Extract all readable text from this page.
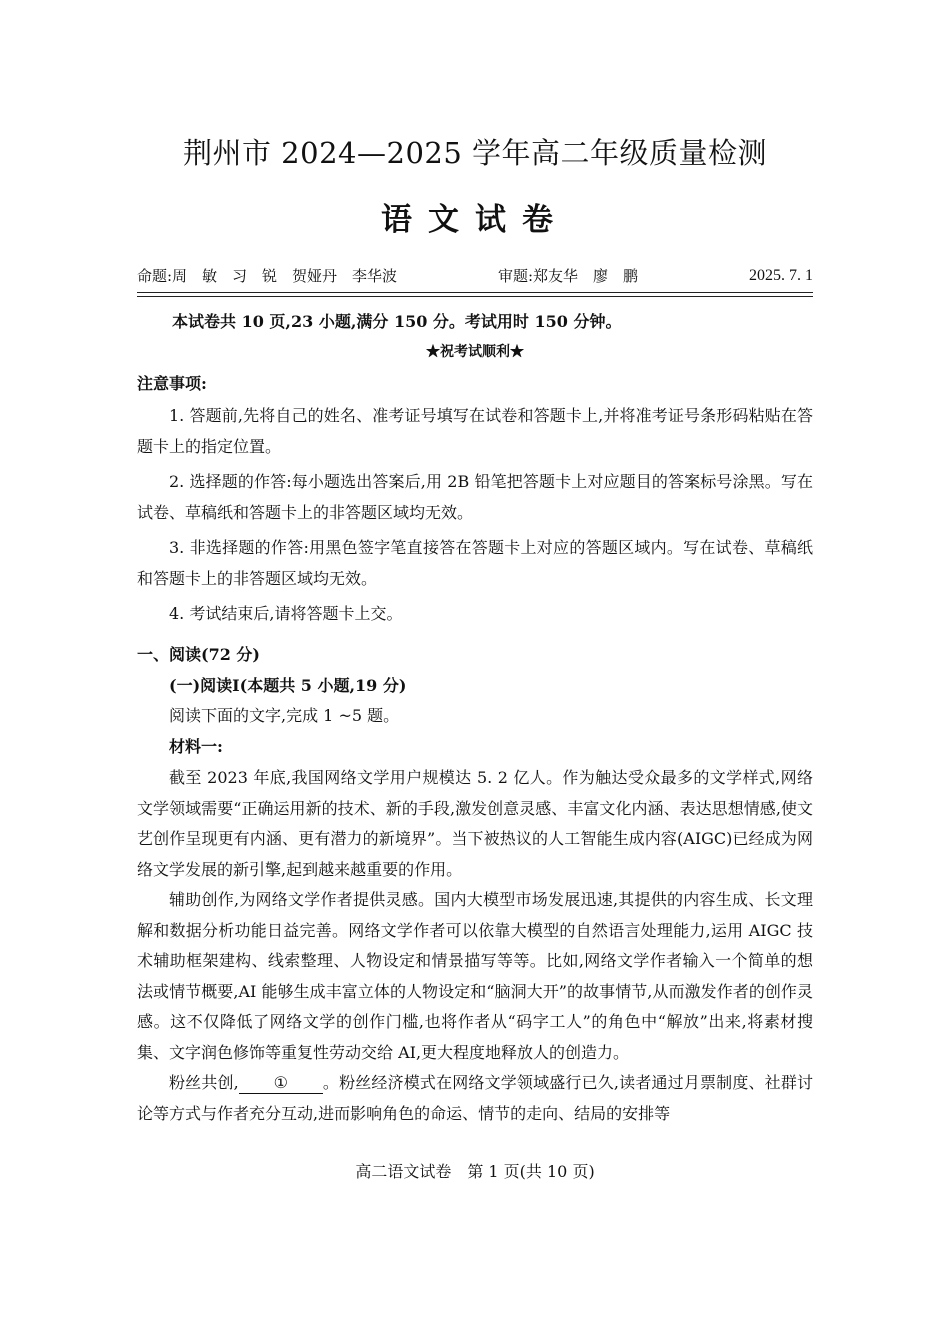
荆州市 2024—2025 学年高二年级质量检测
语文试卷
命题:周　敏　习　锐　贺娅丹　李华波	审题:郑友华　廖　鹏	2025. 7. 1
本试卷共 10 页,23 小题,满分 150 分。考试用时 150 分钟。
★祝考试顺利★
注意事项:

1. 答题前,先将自己的姓名、准考证号填写在试卷和答题卡上,并将准考证号条形码粘贴在答题卡上的指定位置。

2. 选择题的作答:每小题选出答案后,用 2B 铅笔把答题卡上对应题目的答案标号涂黑。写在试卷、草稿纸和答题卡上的非答题区域均无效。

3. 非选择题的作答:用黑色签字笔直接答在答题卡上对应的答题区域内。写在试卷、草稿纸和答题卡上的非答题区域均无效。

4. 考试结束后,请将答题卡上交。

一、阅读(72 分)

(一)阅读Ⅰ(本题共 5 小题,19 分)

阅读下面的文字,完成 1 ~5 题。

材料一:

截至 2023 年底,我国网络文学用户规模达 5. 2 亿人。作为触达受众最多的文学样式,网络文学领域需要“正确运用新的技术、新的手段,激发创意灵感、丰富文化内涵、表达思想情感,使文艺创作呈现更有内涵、更有潜力的新境界”。当下被热议的人工智能生成内容(AIGC)已经成为网络文学发展的新引擎,起到越来越重要的作用。

辅助创作,为网络文学作者提供灵感。国内大模型市场发展迅速,其提供的内容生成、长文理解和数据分析功能日益完善。网络文学作者可以依靠大模型的自然语言处理能力,运用 AIGC 技术辅助框架建构、线索整理、人物设定和情景描写等等。比如,网络文学作者输入一个简单的想法或情节概要,AI 能够生成丰富立体的人物设定和“脑洞大开”的故事情节,从而激发作者的创作灵感。这不仅降低了网络文学的创作门槛,也将作者从“码字工人”的角色中“解放”出来,将素材搜集、文字润色修饰等重复性劳动交给 AI,更大程度地释放人的创造力。

粉丝共创, ① 。粉丝经济模式在网络文学领域盛行已久,读者通过月票制度、社群讨论等方式与作者充分互动,进而影响角色的命运、情节的走向、结局的安排等

高二语文试卷　第 1 页(共 10 页)
